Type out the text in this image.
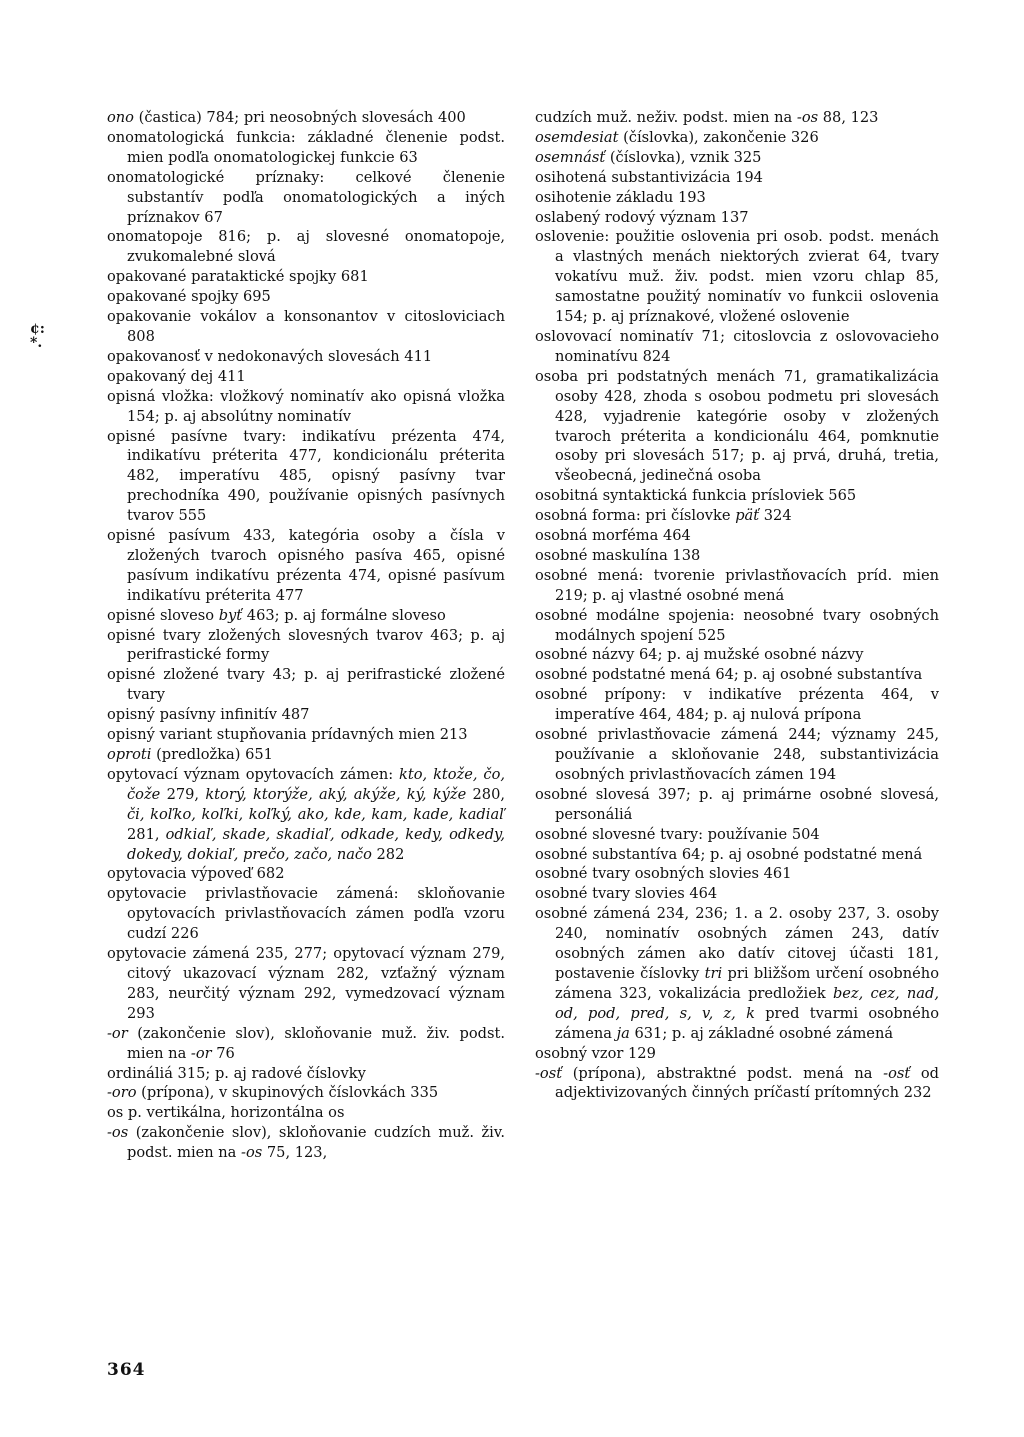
¢:
*.

ono (častica) 784; pri neosobných slovesách 400

onomatologická funkcia: základné členenie podst. mien podľa onomatologickej funkcie 63

onomatologické príznaky: celkové členenie substantív podľa onomatologických a iných príznakov 67

onomatopoje 816; p. aj slovesné onomatopoje, zvukomalebné slová

opakované parataktické spojky 681

opakované spojky 695

opakovanie vokálov a konsonantov v citosloviciach 808

opakovanosť v nedokonavých slovesách 411

opakovaný dej 411

opisná vložka: vložkový nominatív ako opisná vložka 154; p. aj absolútny nominatív

opisné pasívne tvary: indikatívu prézenta 474, indikatívu préterita 477, kondicionálu préterita 482, imperatívu 485, opisný pasívny tvar prechodníka 490, používanie opisných pasívnych tvarov 555

opisné pasívum 433, kategória osoby a čísla v zložených tvaroch opisného pasíva 465, opisné pasívum indikatívu prézenta 474, opisné pasívum indikatívu préterita 477

opisné sloveso byť 463; p. aj formálne sloveso

opisné tvary zložených slovesných tvarov 463; p. aj perifrastické formy

opisné zložené tvary 43; p. aj perifrastické zložené tvary

opisný pasívny infinitív 487

opisný variant stupňovania prídavných mien 213

oproti (predložka) 651

opytovací význam opytovacích zámen: kto, ktože, čo, čože 279, ktorý, ktorýže, aký, akýže, ký, kýže 280, či, koľko, koľki, koľký, ako, kde, kam, kade, kadiaľ 281, odkiaľ, skade, skadiaľ, odkade, kedy, odkedy, dokedy, dokiaľ, prečo, začo, načo 282

opytovacia výpoveď 682

opytovacie privlastňovacie zámená: skloňovanie opytovacích privlastňovacích zámen podľa vzoru cudzí 226

opytovacie zámená 235, 277; opytovací význam 279, citový ukazovací význam 282, vzťažný význam 283, neurčitý význam 292, vymedzovací význam 293

-or (zakončenie slov), skloňovanie muž. živ. podst. mien na -or 76

ordináliá 315; p. aj radové číslovky

-oro (prípona), v skupinových číslovkách 335

os p. vertikálna, horizontálna os

-os (zakončenie slov), skloňovanie cudzích muž. živ. podst. mien na -os 75, 123,

cudzích muž. neživ. podst. mien na -os 88, 123

osemdesiat (číslovka), zakončenie 326

osemnásť (číslovka), vznik 325

osihotená substantivizácia 194

osihotenie základu 193

oslabený rodový význam 137

oslovenie: použitie oslovenia pri osob. podst. menách a vlastných menách niektorých zvierat 64, tvary vokatívu muž. živ. podst. mien vzoru chlap 85, samostatne použitý nominatív vo funkcii oslovenia 154; p. aj príznakové, vložené oslovenie

oslovovací nominatív 71; citoslovcia z oslovovacieho nominatívu 824

osoba pri podstatných menách 71, gramatikalizácia osoby 428, zhoda s osobou podmetu pri slovesách 428, vyjadrenie kategórie osoby v zložených tvaroch préterita a kondicionálu 464, pomknutie osoby pri slovesách 517; p. aj prvá, druhá, tretia, všeobecná, jedinečná osoba

osobitná syntaktická funkcia prísloviek 565

osobná forma: pri číslovke päť 324

osobná morféma 464

osobné maskulína 138

osobné mená: tvorenie privlastňovacích príd. mien 219; p. aj vlastné osobné mená

osobné modálne spojenia: neosobné tvary osobných modálnych spojení 525

osobné názvy 64; p. aj mužské osobné názvy

osobné podstatné mená 64; p. aj osobné substantíva

osobné prípony: v indikatíve prézenta 464, v imperatíve 464, 484; p. aj nulová prípona

osobné privlastňovacie zámená 244; významy 245, používanie a skloňovanie 248, substantivizácia osobných privlastňovacích zámen 194

osobné slovesá 397; p. aj primárne osobné slovesá, personáliá

osobné slovesné tvary: používanie 504

osobné substantíva 64; p. aj osobné podstatné mená

osobné tvary osobných slovies 461

osobné tvary slovies 464

osobné zámená 234, 236; 1. a 2. osoby 237, 3. osoby 240, nominatív osobných zámen 243, datív osobných zámen ako datív citovej účasti 181, postavenie číslovky tri pri bližšom určení osobného zámena 323, vokalizácia predložiek bez, cez, nad, od, pod, pred, s, v, z, k pred tvarmi osobného zámena ja 631; p. aj základné osobné zámená

osobný vzor 129

-osť (prípona), abstraktné podst. mená na -osť od adjektivizovaných činných príčastí prítomných 232

364
